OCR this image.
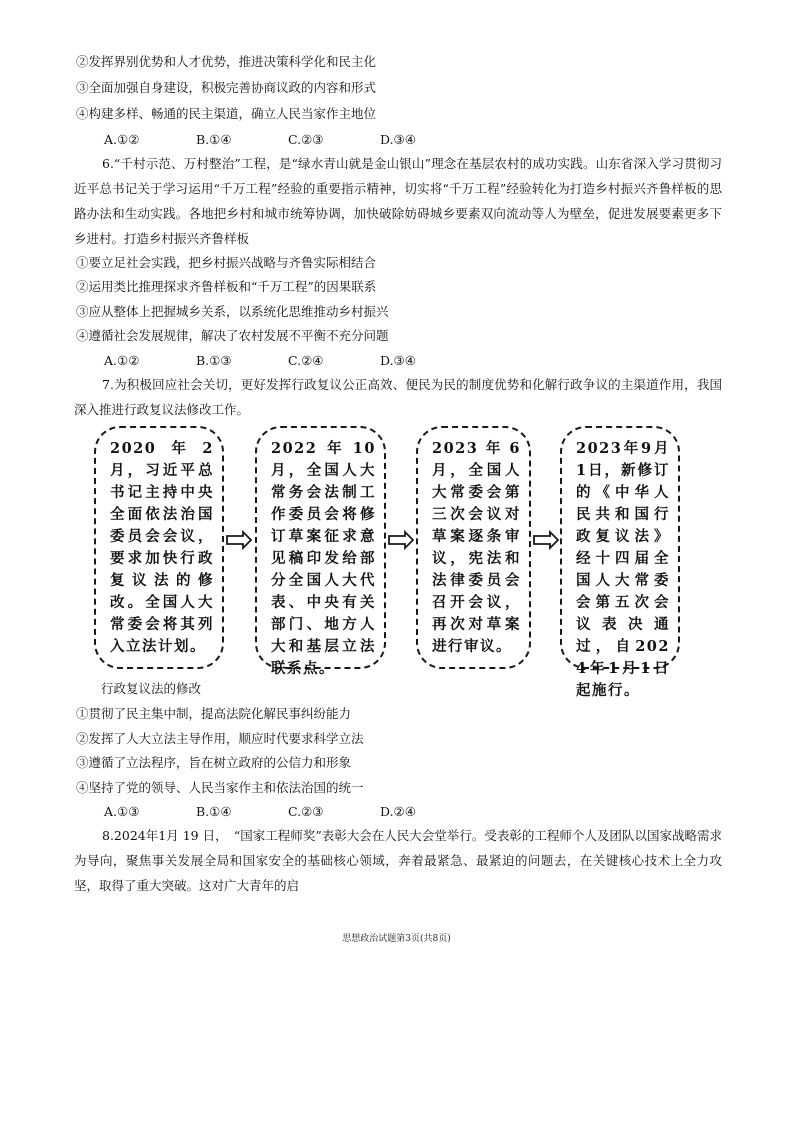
②发挥界别优势和人才优势，推进决策科学化和民主化
③全面加强自身建设，积极完善协商议政的内容和形式
④构建多样、畅通的民主渠道，确立人民当家作主地位
A.①②	B.①④	C.②③	D.③④
6.“千村示范、万村整治”工程，是“绿水青山就是金山银山”理念在基层农村的成功实践。山东省深入学习贯彻习近平总书记关于学习运用“千万工程”经验的重要指示精神，切实将“千万工程”经验转化为打造乡村振兴齐鲁样板的思路办法和生动实践。各地把乡村和城市统筹协调，加快破除妨碍城乡要素双向流动等人为壁垒，促进发展要素更多下乡进村。打造乡村振兴齐鲁样板
①要立足社会实践，把乡村振兴战略与齐鲁实际相结合
②运用类比推理探求齐鲁样板和“千万工程”的因果联系
③应从整体上把握城乡关系，以系统化思维推动乡村振兴
④遵循社会发展规律，解决了农村发展不平衡不充分问题
A.①②	B.①③	C.②④	D.③④
7.为积极回应社会关切，更好发挥行政复议公正高效、便民为民的制度优势和化解行政争议的主渠道作用，我国深入推进行政复议法修改工作。
2020年2月，习近平总书记主持中央全面依法治国委员会会议，要求加快行政复议法的修改。全国人大常委会将其列入立法计划。
2022年10月，全国人大常务会法制工作委员会将修订草案征求意见稿印发给部分全国人大代表、中央有关部门、地方人大和基层立法联系点。
2023年6月，全国人大常委会第三次会议对草案逐条审议，宪法和法律委员会召开会议，再次对草案进行审议。
2023年9月1日，新修订的《中华人民共和国行政复议法》经十四届全国人大常委会第五次会议表决通过，自2024年1月1日起施行。
行政复议法的修改
①贯彻了民主集中制，提高法院化解民事纠纷能力
②发挥了人大立法主导作用，顺应时代要求科学立法
③遵循了立法程序，旨在树立政府的公信力和形象
④坚持了党的领导、人民当家作主和依法治国的统一
A.①③	B.①④	C.②③	D.②④
8.2024年1月 19 日，　“国家工程师奖”表彰大会在人民大会堂举行。受表彰的工程师个人及团队以国家战略需求为导向，聚焦事关发展全局和国家安全的基础核心领域，奔着最紧急、最紧迫的问题去，在关键核心技术上全力攻坚，取得了重大突破。这对广大青年的启
思想政治试题第3页(共8页)
